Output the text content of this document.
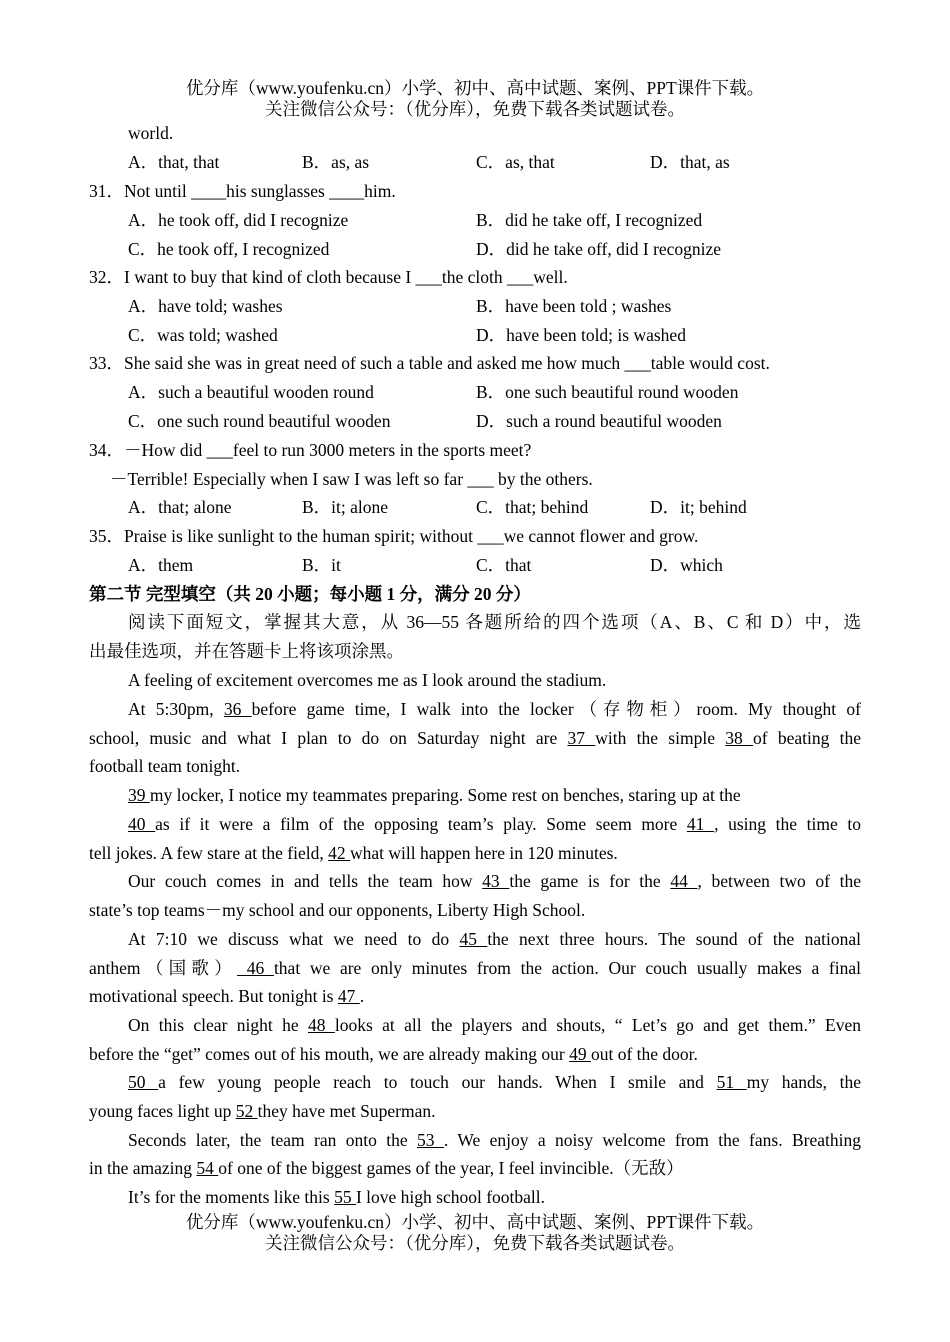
优分库（www.youfenku.cn）小学、初中、高中试题、案例、PPT课件下载。
关注微信公众号：（优分库），免费下载各类试题试卷。
world.
A．that, that	B．as, as	C．as, that	D．that, as
31．Not until ____his sunglasses ____him.
A．he took off, did I recognize	B．did he take off, I recognized
C．he took off, I recognized	D．did he take off, did I recognize
32．I want to buy that kind of cloth because I ___the cloth ___well.
A．have told; washes	B．have been told ; washes
C．was told; washed	D．have been told; is washed
33．She said she was in great need of such a table and asked me how much ___table would cost.
A．such a beautiful wooden round	B．one such beautiful round wooden
C．one such round beautiful wooden	D．such a round beautiful wooden
34．－How did ___feel to run 3000 meters in the sports meet?
－Terrible! Especially when I saw I was left so far ___ by the others.
A．that; alone	B．it; alone	C．that; behind	D．it; behind
35．Praise is like sunlight to the human spirit; without ___we cannot flower and grow.
A．them	B．it	C．that	D．which
第二节 完型填空（共 20 小题；每小题 1 分，满分 20 分）
阅读下面短文，掌握其大意，从 36—55 各题所给的四个选项（A、B、C 和 D）中，选
出最佳选项，并在答题卡上将该项涂黑。
A feeling of excitement overcomes me as I look around the stadium.
At 5:30pm, 36 before game time, I walk into the locker（存物柜）room. My thought of
school, music and what I plan to do on Saturday night are 37 with the simple 38 of beating the
football team tonight.
39 my locker, I notice my teammates preparing. Some rest on benches, staring up at the
40 as if it were a film of the opposing team’s play. Some seem more 41 , using the time to
tell jokes. A few stare at the field, 42 what will happen here in 120 minutes.
Our couch comes in and tells the team how 43 the game is for the 44 , between two of the
state’s top teams－my school and our opponents, Liberty High School.
At 7:10 we discuss what we need to do 45 the next three hours. The sound of the national
anthem（国歌） 46 that we are only minutes from the action. Our couch usually makes a final
motivational speech. But tonight is 47 .
On this clear night he 48 looks at all the players and shouts, “ Let’s go and get them.” Even
before the “get” comes out of his mouth, we are already making our 49 out of the door.
50 a few young people reach to touch our hands. When I smile and 51 my hands, the
young faces light up 52 they have met Superman.
Seconds later, the team ran onto the 53 . We enjoy a noisy welcome from the fans. Breathing
in the amazing 54 of one of the biggest games of the year, I feel invincible.（无敌）
It’s for the moments like this 55 I love high school football.
优分库（www.youfenku.cn）小学、初中、高中试题、案例、PPT课件下载。
关注微信公众号：（优分库），免费下载各类试题试卷。
